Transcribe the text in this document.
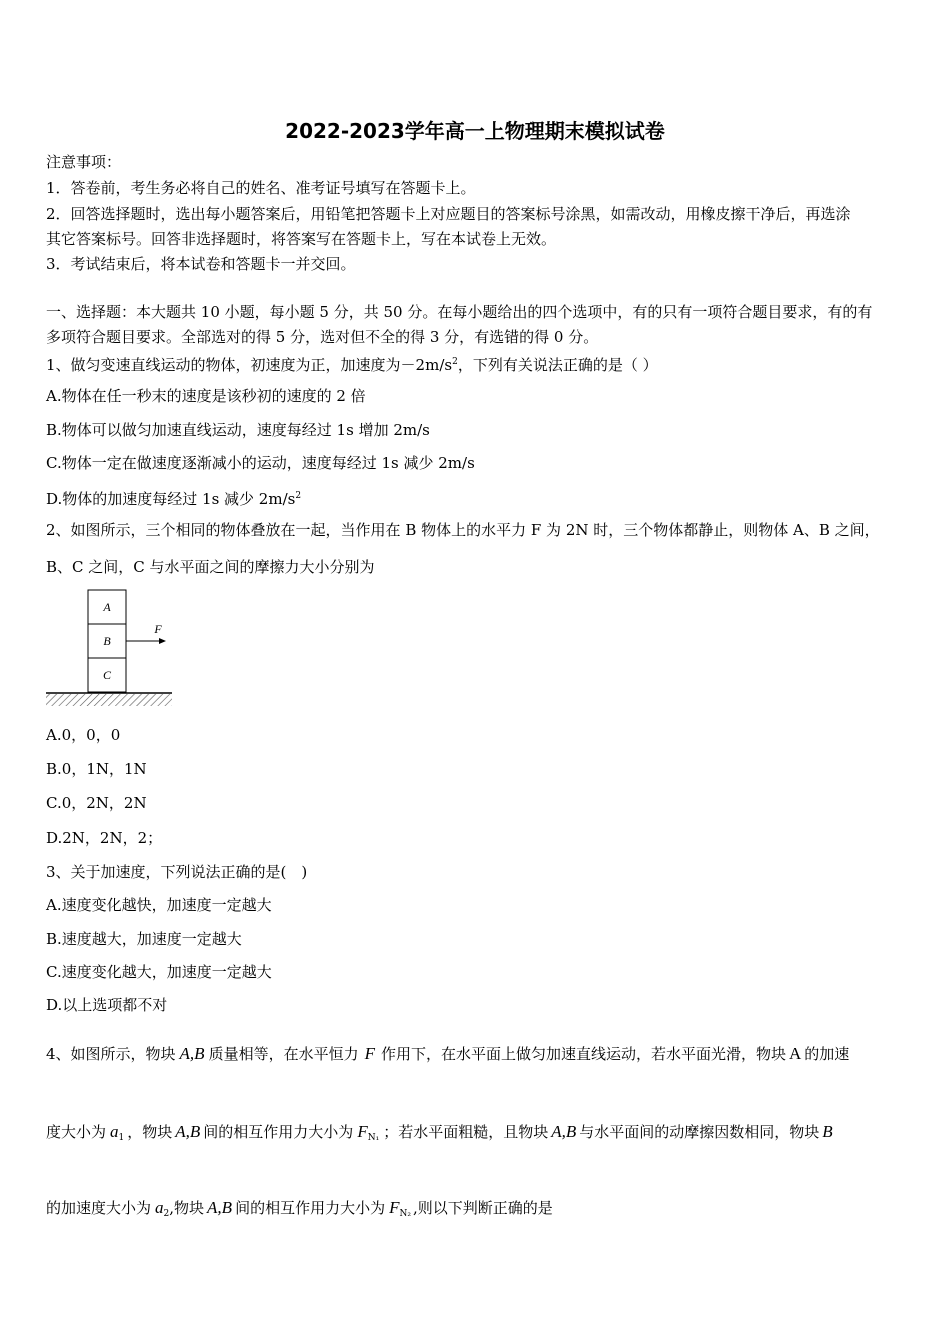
2022-2023学年高一上物理期末模拟试卷
注意事项：
1．答卷前，考生务必将自己的姓名、准考证号填写在答题卡上。
2．回答选择题时，选出每小题答案后，用铅笔把答题卡上对应题目的答案标号涂黑，如需改动，用橡皮擦干净后，再选涂
其它答案标号。回答非选择题时，将答案写在答题卡上，写在本试卷上无效。
3．考试结束后，将本试卷和答题卡一并交回。
一、选择题：本大题共 10 小题，每小题 5 分，共 50 分。在每小题给出的四个选项中，有的只有一项符合题目要求，有的有
多项符合题目要求。全部选对的得 5 分，选对但不全的得 3 分，有选错的得 0 分。
1、做匀变速直线运动的物体，初速度为正，加速度为$-2m/s^2$，下列有关说法正确的是（ ）
A.物体在任一秒末的速度是该秒初的速度的 2 倍
B.物体可以做匀加速直线运动，速度每经过 1s 增加 2m/s
C.物体一定在做速度逐渐减小的运动，速度每经过 1s 减少 2m/s
D.物体的加速度每经过 1s 减少 $2m/s^2$
2、如图所示，三个相同的物体叠放在一起，当作用在 B 物体上的水平力 F 为 2N 时，三个物体都静止，则物体 A、B 之间，
B、C 之间，C 与水平面之间的摩擦力大小分别为
A
B
C
F
A.0，0，0
B.0，1N，1N
C.0，2N，2N
D.2N，2N，2；
3、关于加速度，下列说法正确的是(　)
A.速度变化越快，加速度一定越大
B.速度越大，加速度一定越大
C.速度变化越大，加速度一定越大
D.以上选项都不对
4、如图所示，物块 A,B 质量相等，在水平恒力 F 作用下，在水平面上做匀加速直线运动，若水平面光滑，物块 A 的加速
度大小为 $a_1$ ，物块 A,B 间的相互作用力大小为 $F_{N_1}$ ；若水平面粗糙，且物块 A,B 与水平面间的动摩擦因数相同，物块 B
的加速度大小为 $a_2$,物块 A,B 间的相互作用力大小为 $F_{N_2}$ ,则以下判断正确的是
